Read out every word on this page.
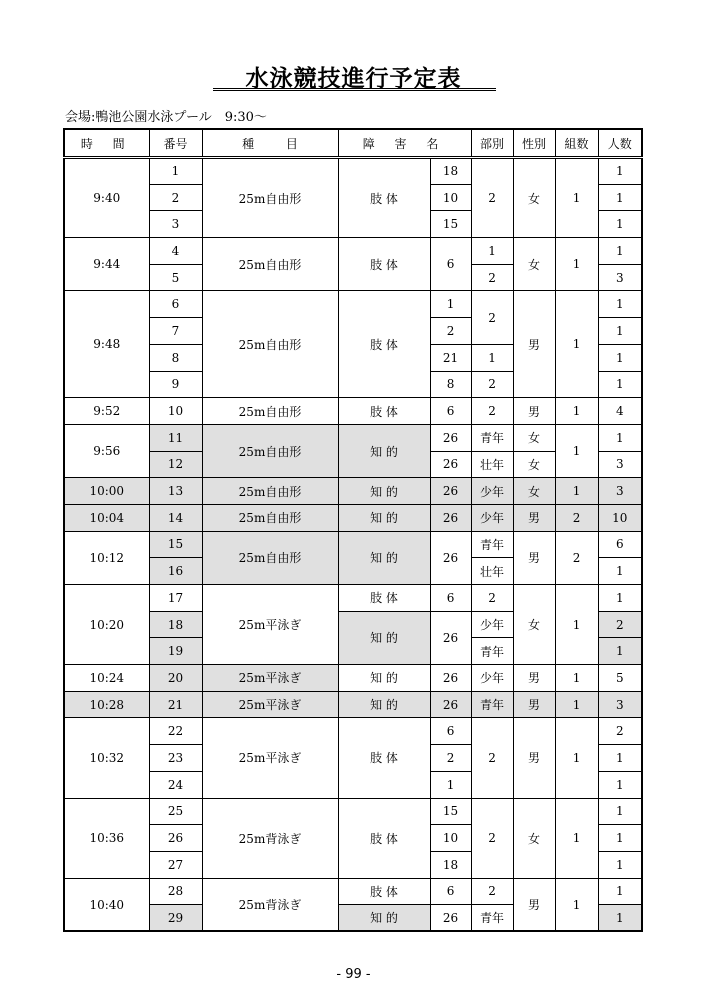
水泳競技進行予定表
会場:鴨池公園水泳プール　9:30〜
時 間	番号	種 目	障 害 名		部別	性別	組数	人数
9:40	1	25m自由形	肢 体	18	2	女	1	1
	2			10				1
	3			15				1
9:44	4	25m自由形	肢 体	6	1	女	1	1
	5				2			3
9:48	6	25m自由形	肢 体	1	2	男	1	1
	7			2				1
	8			21	1			1
	9			8	2			1
9:52	10	25m自由形	肢 体	6	2	男	1	4
9:56	11	25m自由形	知 的	26	青年	女	1	1
	12			26	壮年	女		3
10:00	13	25m自由形	知 的	26	少年	女	1	3
10:04	14	25m自由形	知 的	26	少年	男	2	10
10:12	15	25m自由形	知 的	26	青年	男	2	6
	16				壮年			1
10:20	17	25m平泳ぎ	肢 体	6	2	女	1	1
	18		知 的	26	少年			2
	19				青年			1
10:24	20	25m平泳ぎ	知 的	26	少年	男	1	5
10:28	21	25m平泳ぎ	知 的	26	青年	男	1	3
10:32	22	25m平泳ぎ	肢 体	6	2	男	1	2
	23			2				1
	24			1				1
10:36	25	25m背泳ぎ	肢 体	15	2	女	1	1
	26			10				1
	27			18				1
10:40	28	25m背泳ぎ	肢 体	6	2	男	1	1
	29		知 的	26	青年			1
- 99 -
